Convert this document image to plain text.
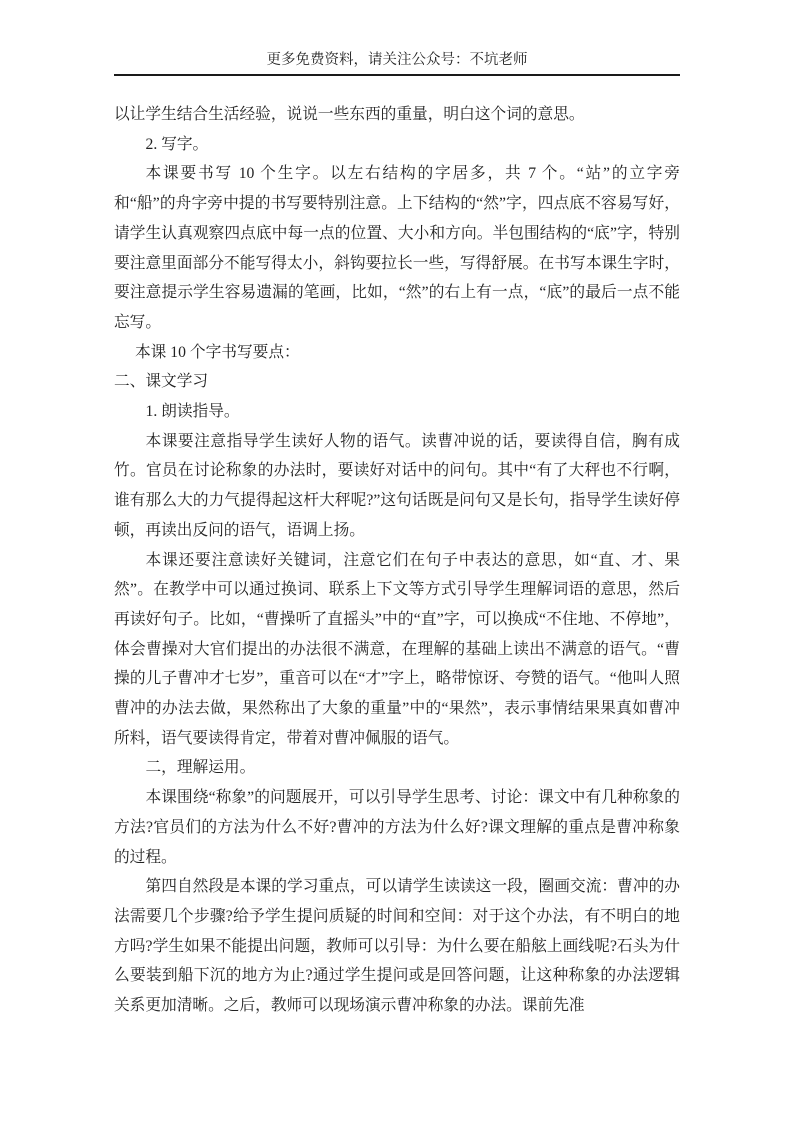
更多免费资料，请关注公众号：不坑老师

以让学生结合生活经验，说说一些东西的重量，明白这个词的意思。

2. 写字。

本课要书写 10 个生字。以左右结构的字居多，共 7 个。“站”的立字旁和“船”的舟字旁中提的书写要特别注意。上下结构的“然”字，四点底不容易写好，请学生认真观察四点底中每一点的位置、大小和方向。半包围结构的“底”字，特别要注意里面部分不能写得太小，斜钩要拉长一些，写得舒展。在书写本课生字时，要注意提示学生容易遗漏的笔画，比如，“然”的右上有一点，“底”的最后一点不能忘写。

本课 10 个字书写要点：

二、课文学习

1. 朗读指导。

本课要注意指导学生读好人物的语气。读曹冲说的话，要读得自信，胸有成竹。官员在讨论称象的办法时，要读好对话中的问句。其中“有了大秤也不行啊，谁有那么大的力气提得起这杆大秤呢?”这句话既是问句又是长句，指导学生读好停顿，再读出反问的语气，语调上扬。

本课还要注意读好关键词，注意它们在句子中表达的意思，如“直、才、果然”。在教学中可以通过换词、联系上下文等方式引导学生理解词语的意思，然后再读好句子。比如，“曹操听了直摇头”中的“直”字，可以换成“不住地、不停地”，体会曹操对大官们提出的办法很不满意，在理解的基础上读出不满意的语气。“曹操的儿子曹冲才七岁”，重音可以在“才”字上，略带惊讶、夸赞的语气。“他叫人照曹冲的办法去做，果然称出了大象的重量”中的“果然”，表示事情结果果真如曹冲所料，语气要读得肯定，带着对曹冲佩服的语气。

二，理解运用。

本课围绕“称象”的问题展开，可以引导学生思考、讨论：课文中有几种称象的方法?官员们的方法为什么不好?曹冲的方法为什么好?课文理解的重点是曹冲称象的过程。

第四自然段是本课的学习重点，可以请学生读读这一段，圈画交流：曹冲的办法需要几个步骤?给予学生提问质疑的时间和空间：对于这个办法，有不明白的地方吗?学生如果不能提出问题，教师可以引导：为什么要在船舷上画线呢?石头为什么要装到船下沉的地方为止?通过学生提问或是回答问题，让这种称象的办法逻辑关系更加清晰。之后，教师可以现场演示曹冲称象的办法。课前先准
